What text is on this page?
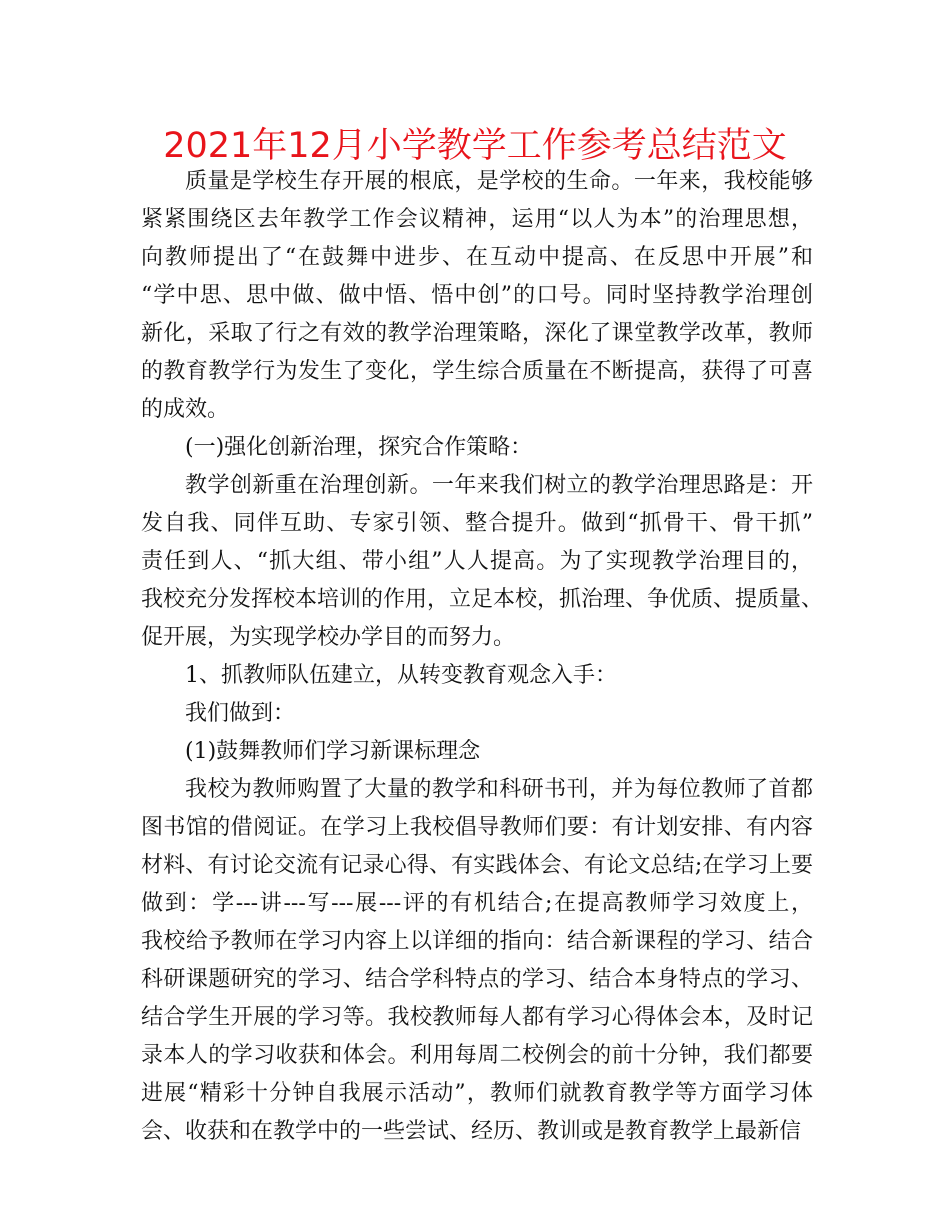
2021年12月小学教学工作参考总结范文

质量是学校生存开展的根底，是学校的生命。一年来，我校能够
紧紧围绕区去年教学工作会议精神，运用“以人为本”的治理思想，
向教师提出了“在鼓舞中进步、在互动中提高、在反思中开展”和
“学中思、思中做、做中悟、悟中创”的口号。同时坚持教学治理创
新化，采取了行之有效的教学治理策略，深化了课堂教学改革，教师
的教育教学行为发生了变化，学生综合质量在不断提高，获得了可喜
的成效。

(一)强化创新治理，探究合作策略：

教学创新重在治理创新。一年来我们树立的教学治理思路是：开
发自我、同伴互助、专家引领、整合提升。做到“抓骨干、骨干抓”
责任到人、“抓大组、带小组”人人提高。为了实现教学治理目的，
我校充分发挥校本培训的作用，立足本校，抓治理、争优质、提质量、
促开展，为实现学校办学目的而努力。

1、抓教师队伍建立，从转变教育观念入手：

我们做到：

(1)鼓舞教师们学习新课标理念

我校为教师购置了大量的教学和科研书刊，并为每位教师了首都
图书馆的借阅证。在学习上我校倡导教师们要：有计划安排、有内容
材料、有讨论交流有记录心得、有实践体会、有论文总结;在学习上要
做到：学---讲---写---展---评的有机结合;在提高教师学习效度上，
我校给予教师在学习内容上以详细的指向：结合新课程的学习、结合
科研课题研究的学习、结合学科特点的学习、结合本身特点的学习、
结合学生开展的学习等。我校教师每人都有学习心得体会本，及时记
录本人的学习收获和体会。利用每周二校例会的前十分钟，我们都要
进展“精彩十分钟自我展示活动”，教师们就教育教学等方面学习体
会、收获和在教学中的一些尝试、经历、教训或是教育教学上最新信
